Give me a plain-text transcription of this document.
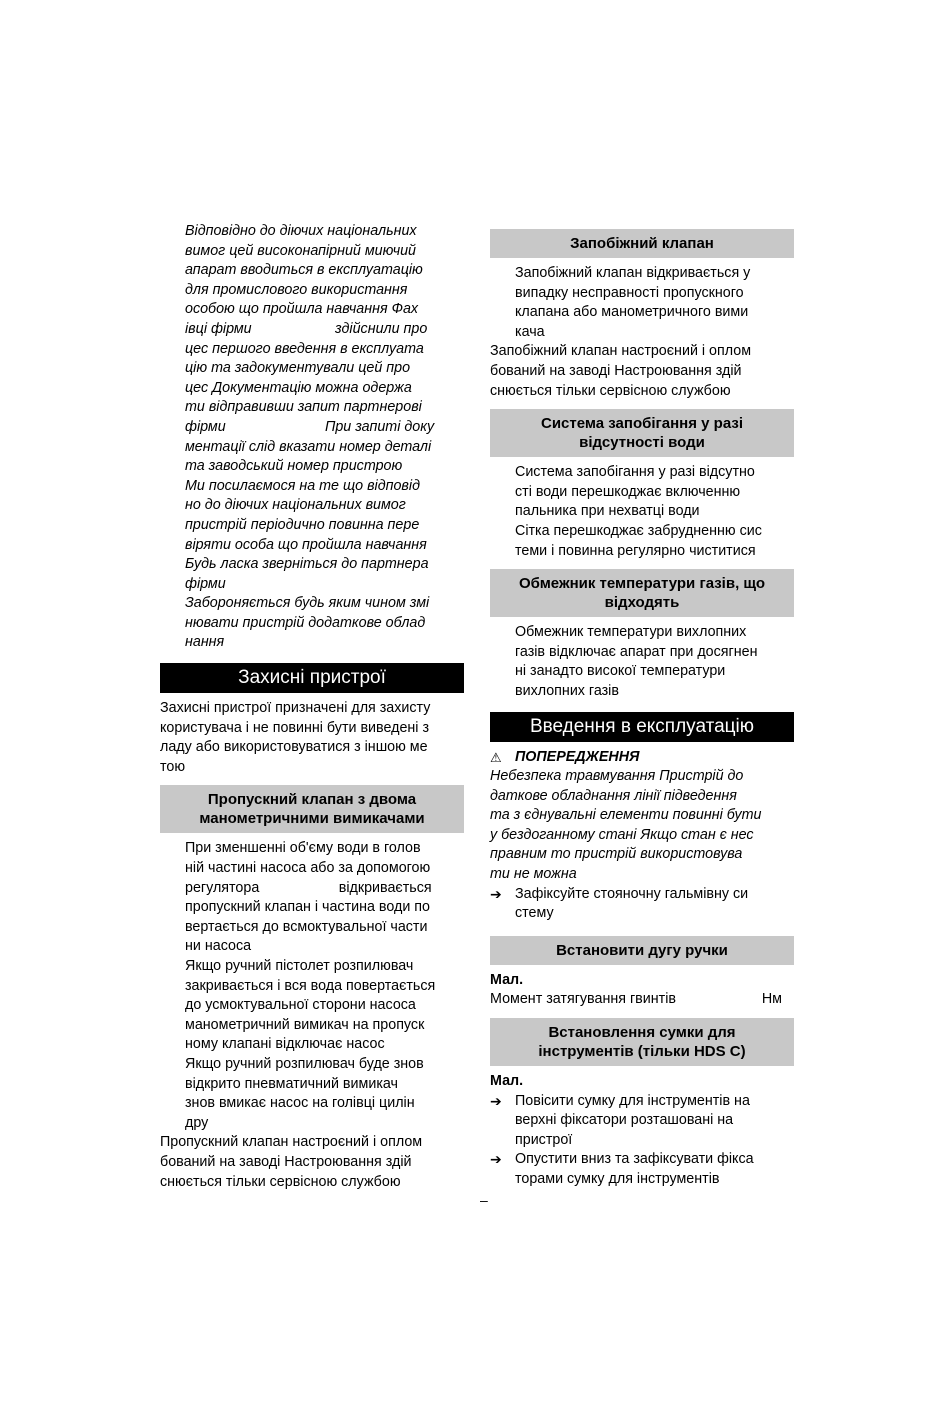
Відповідно до діючих національних

вимог цей високонапірний миючий

апарат вводиться в експлуатацію

для промислового використання

особою що пройшла навчання Фах

івці фірми                     здійснили про

цес першого введення в експлуата

цію та задокументували цей про

цес Документацію можна одержа

ти відправивши запит партнерові

фірми                         При запиті доку

ментації слід вказати номер деталі

та заводський номер пристрою

Ми посилаємося на те що відповід

но до діючих національних вимог

пристрій періодично повинна пере

віряти особа що пройшла навчання

Будь ласка зверніться до партнера

фірми

Забороняється будь яким чином змі

нювати пристрій додаткове облад

нання

Захисні пристрої

Захисні пристрої призначені для захисту

користувача і не повинні бути виведені з

ладу або використовуватися з іншою ме

тою

Пропускний клапан з двома
манометричними вимикачами

При зменшенні об'єму води в голов

ній частині насоса або за допомогою

регулятора                    відкривається

пропускний клапан і частина води по

вертається до всмоктувальної части

ни насоса

Якщо ручний пістолет розпилювач

закривається і вся вода повертається

до усмоктувальної сторони насоса

манометричний вимикач на пропуск

ному клапані відключає насос

Якщо ручний розпилювач буде знов

відкрито пневматичний вимикач

знов вмикає насос на голівці цилін

дру

Пропускний клапан настроєний і оплом

бований на заводі Настроювання здій

снюється тільки сервісною службою

Запобіжний клапан

Запобіжний клапан відкривається у

випадку несправності пропускного

клапана або манометричного вими

кача

Запобіжний клапан настроєний і оплом

бований на заводі Настроювання здій

снюється тільки сервісною службою

Система запобігання у разі
відсутності води

Система запобігання у разі відсутно

сті води перешкоджає включенню

пальника при нехватці води

Сітка перешкоджає забрудненню сис

теми і повинна регулярно чиститися

Обмежник температури газів, що
відходять

Обмежник температури вихлопних

газів відключає апарат при досягнен

ні занадто високої температури

вихлопних газів

Введення в експлуатацію
⚠ ПОПЕРЕДЖЕННЯ

Небезпека травмування Пристрій до

даткове обладнання лінії підведення

та з єднувальні елементи повинні бути

у бездоганному стані Якщо стан є нес

правним то пристрій використовува

ти не можна

➔ Зафіксуйте стояночну гальмівну си

стему

Встановити дугу ручки

Мал.

Момент затягування гвинтів	Нм
Встановлення сумки для
інструментів (тільки HDS C)

Мал.

➔ Повісити сумку для інструментів на

верхні фіксатори розташовані на

пристрої

➔ Опустити вниз та зафіксувати фікса

торами сумку для інструментів

–
